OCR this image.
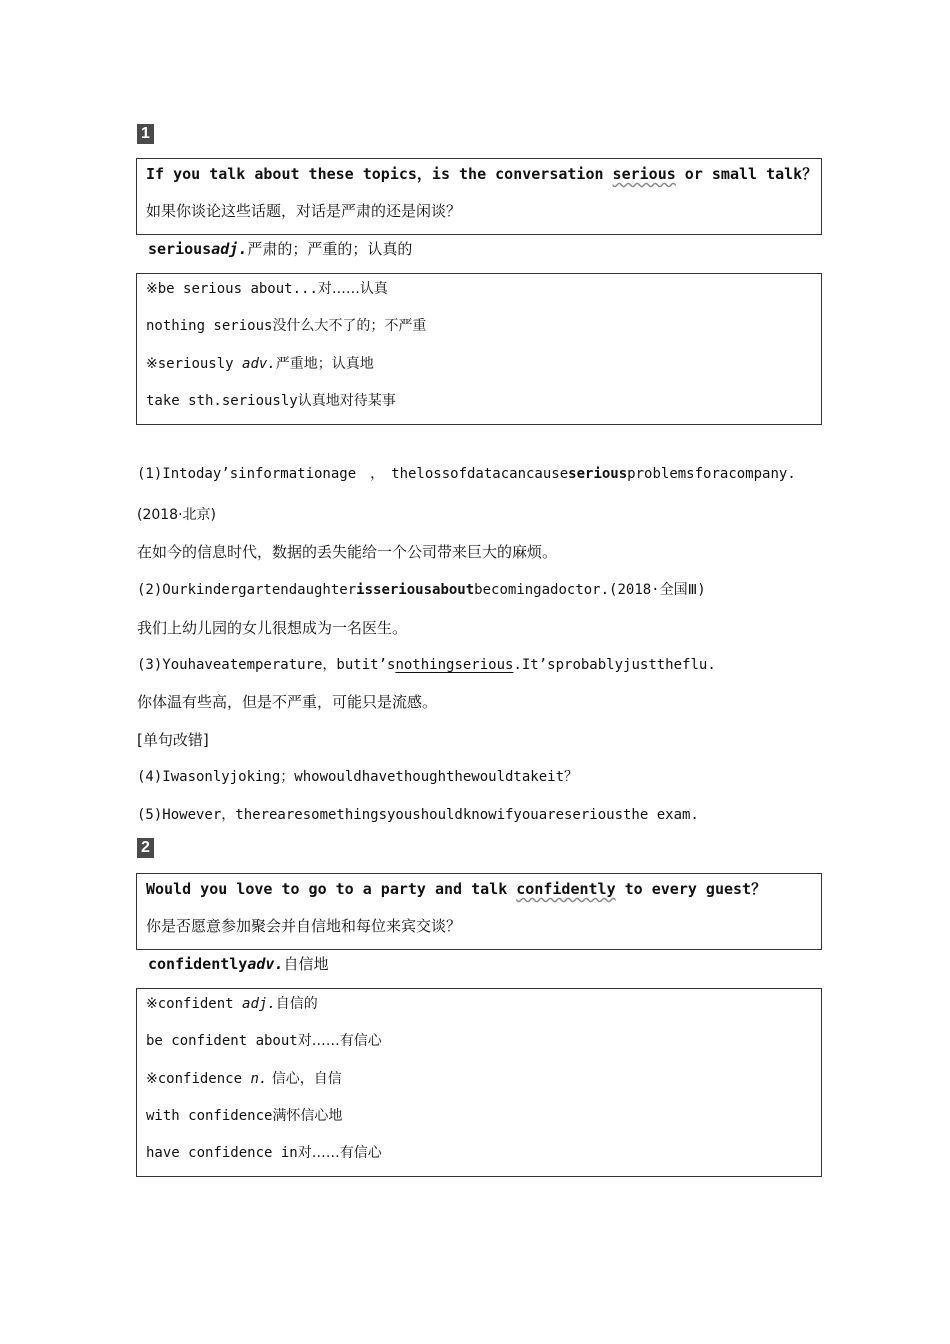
1
If you talk about these topics，is the conversation serious or small talk？
如果你谈论这些话题，对话是严肃的还是闲谈？
seriousadj.严肃的；严重的；认真的
※be serious about...对……认真
nothing serious没什么大不了的；不严重
※seriously adv.严重地；认真地
take sth.seriously认真地对待某事
(1)Intoday’sinformationage　，　thelossofdatacancauseseriousproblemsforacompany.
(2018·北京)
在如今的信息时代，数据的丢失能给一个公司带来巨大的麻烦。
(2)Ourkindergartendaughterisseriousaboutbecomingadoctor.(2018·全国Ⅲ)
我们上幼儿园的女儿很想成为一名医生。
(3)Youhaveatemperature，butit’snothingserious.It’sprobablyjusttheflu.
你体温有些高，但是不严重，可能只是流感。
[单句改错]
(4)Iwasonlyjoking；whowouldhavethoughthewouldtakeit？
(5)However，therearesomethingsyoushouldknowifyouareseriousthe exam.
2
Would you love to go to a party and talk confidently to every guest？
你是否愿意参加聚会并自信地和每位来宾交谈？
confidentlyadv.自信地
※confident adj.自信的
be confident about对……有信心
※confidence n. 信心，自信
with confidence满怀信心地
have confidence in对……有信心
